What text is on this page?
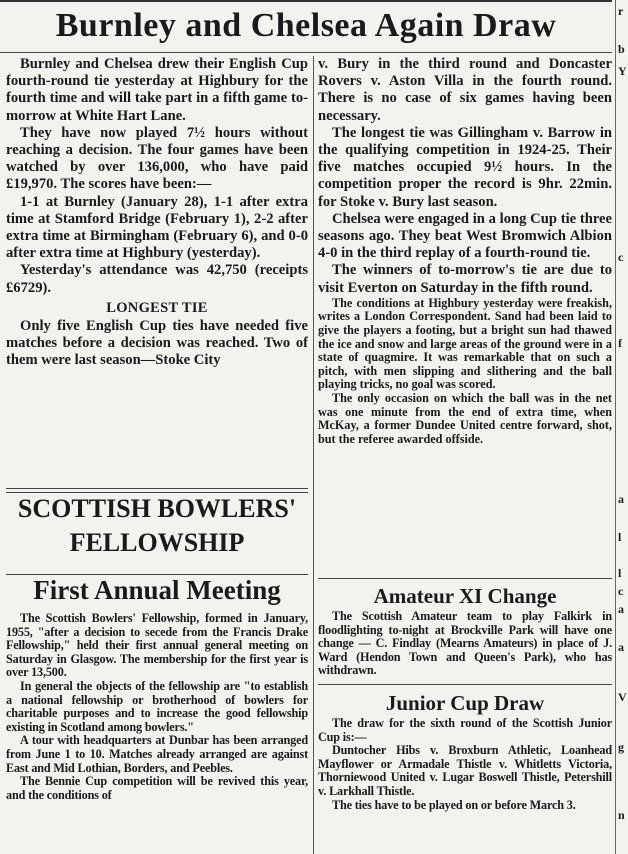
Burnley and Chelsea Again Draw	r
b
Y
c
f
a
l
l
c
a
a
V
g
n

Burnley and Chelsea drew their English Cup fourth-round tie yesterday at Highbury for the fourth time and will take part in a fifth game to-morrow at White Hart Lane.

They have now played 7½ hours without reaching a decision. The four games have been watched by over 136,000, who have paid £19,970. The scores have been:—

1-1 at Burnley (January 28), 1-1 after extra time at Stamford Bridge (February 1), 2-2 after extra time at Birmingham (February 6), and 0-0 after extra time at Highbury (yesterday).

Yesterday's attendance was 42,750 (receipts £6729).

LONGEST TIE

Only five English Cup ties have needed five matches before a decision was reached. Two of them were last season—Stoke City

v. Bury in the third round and Doncaster Rovers v. Aston Villa in the fourth round. There is no case of six games having been necessary.

The longest tie was Gillingham v. Barrow in the qualifying competition in 1924-25. Their five matches occupied 9½ hours. In the competition proper the record is 9hr. 22min. for Stoke v. Bury last season.

Chelsea were engaged in a long Cup tie three seasons ago. They beat West Bromwich Albion 4-0 in the third replay of a fourth-round tie.

The winners of to-morrow's tie are due to visit Everton on Saturday in the fifth round.

The conditions at Highbury yesterday were freakish, writes a London Correspondent. Sand had been laid to give the players a footing, but a bright sun had thawed the ice and snow and large areas of the ground were in a state of quagmire. It was remarkable that on such a pitch, with men slipping and slithering and the ball playing tricks, no goal was scored.

The only occasion on which the ball was in the net was one minute from the end of extra time, when McKay, a former Dundee United centre forward, shot, but the referee awarded offside.

SCOTTISH BOWLERS' FELLOWSHIP
First Annual Meeting

The Scottish Bowlers' Fellowship, formed in January, 1955, "after a decision to secede from the Francis Drake Fellowship," held their first annual general meeting on Saturday in Glasgow. The membership for the first year is over 13,500.

In general the objects of the fellowship are "to establish a national fellowship or brotherhood of bowlers for charitable purposes and to increase the good fellowship existing in Scotland among bowlers."

A tour with headquarters at Dunbar has been arranged from June 1 to 10. Matches already arranged are against East and Mid Lothian, Borders, and Peebles.

The Bennie Cup competition will be revived this year, and the conditions of

Amateur XI Change

The Scottish Amateur team to play Falkirk in floodlighting to-night at Brockville Park will have one change — C. Findlay (Mearns Amateurs) in place of J. Ward (Hendon Town and Queen's Park), who has withdrawn.

Junior Cup Draw

The draw for the sixth round of the Scottish Junior Cup is:—

Duntocher Hibs v. Broxburn Athletic, Loanhead Mayflower or Armadale Thistle v. Whitletts Victoria, Thorniewood United v. Lugar Boswell Thistle, Petershill v. Larkhall Thistle.

The ties have to be played on or before March 3.
